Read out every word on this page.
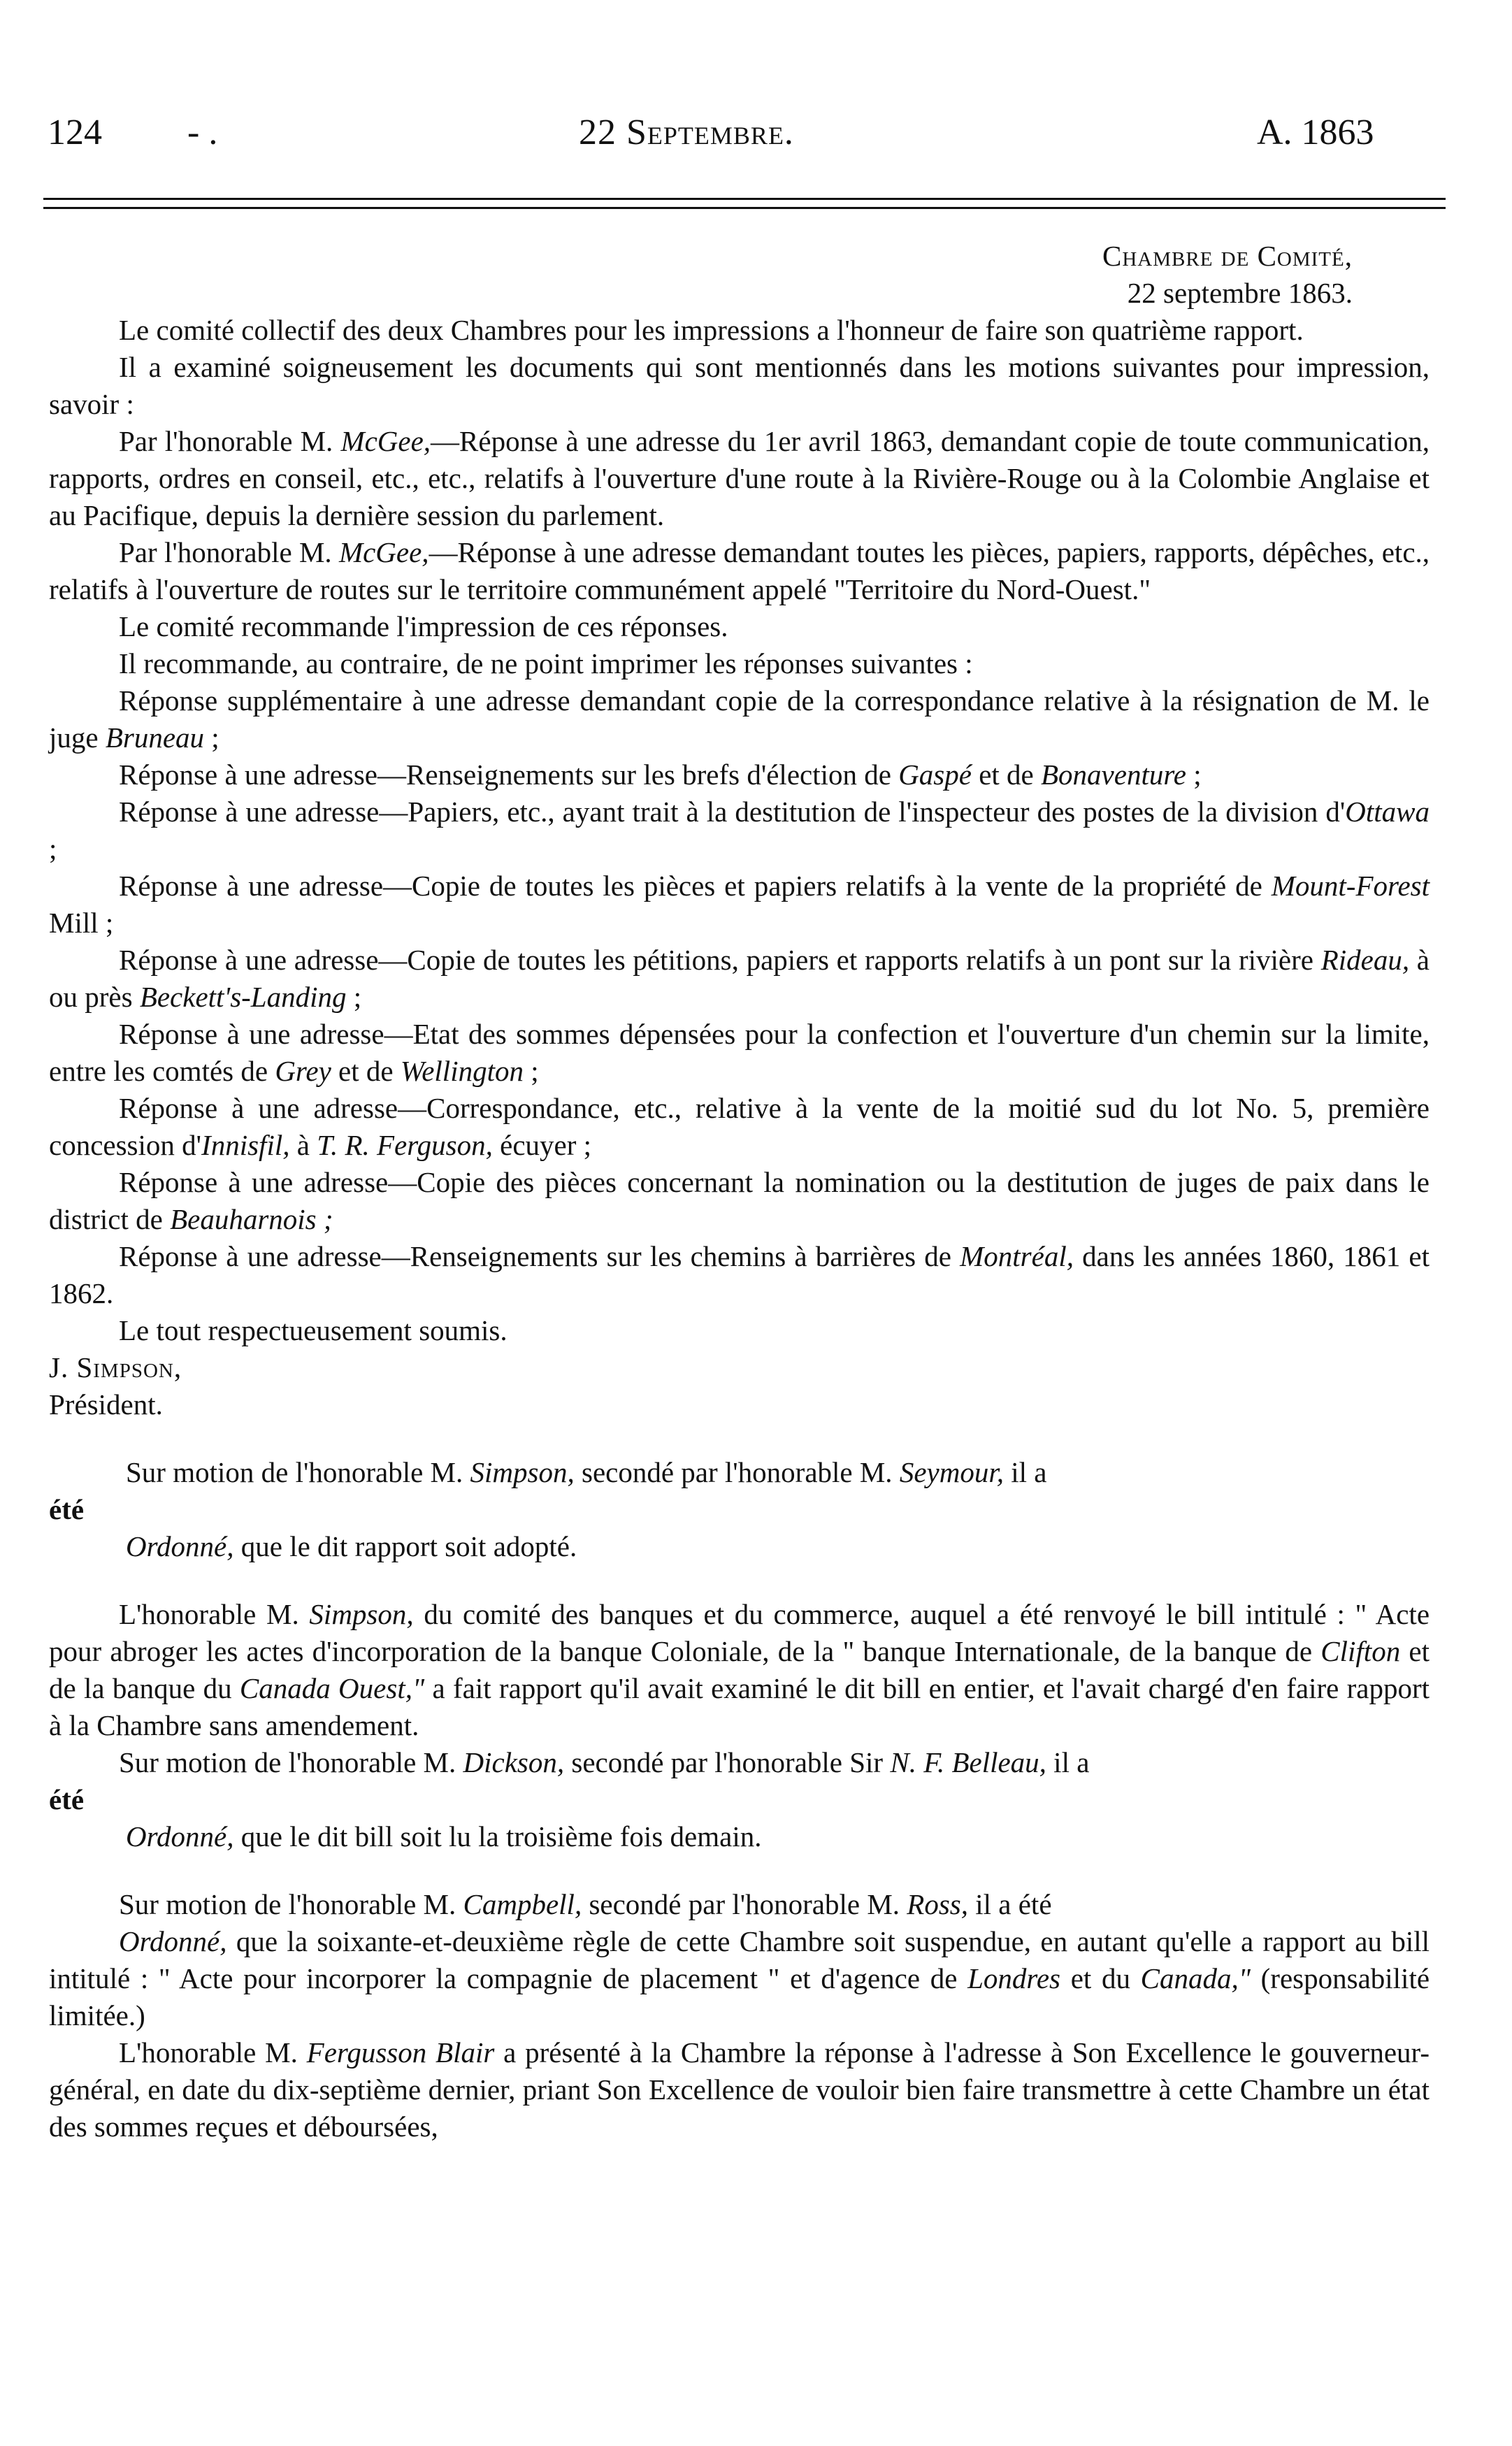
124 - .	22 Septembre.	A. 1863

Chambre de Comité,

22 septembre 1863.

Le comité collectif des deux Chambres pour les impressions a l'honneur de faire son quatrième rapport.

Il a examiné soigneusement les documents qui sont mentionnés dans les motions suivantes pour impression, savoir :

Par l'honorable M. McGee,—Réponse à une adresse du 1er avril 1863, demandant copie de toute communication, rapports, ordres en conseil, etc., etc., relatifs à l'ouverture d'une route à la Rivière-Rouge ou à la Colombie Anglaise et au Pacifique, depuis la dernière session du parlement.

Par l'honorable M. McGee,—Réponse à une adresse demandant toutes les pièces, papiers, rapports, dépêches, etc., relatifs à l'ouverture de routes sur le territoire communément appelé "Territoire du Nord-Ouest."

Le comité recommande l'impression de ces réponses.

Il recommande, au contraire, de ne point imprimer les réponses suivantes :

Réponse supplémentaire à une adresse demandant copie de la correspondance relative à la résignation de M. le juge Bruneau ;

Réponse à une adresse—Renseignements sur les brefs d'élection de Gaspé et de Bonaventure ;

Réponse à une adresse—Papiers, etc., ayant trait à la destitution de l'inspecteur des postes de la division d'Ottawa ;

Réponse à une adresse—Copie de toutes les pièces et papiers relatifs à la vente de la propriété de Mount-Forest Mill ;

Réponse à une adresse—Copie de toutes les pétitions, papiers et rapports relatifs à un pont sur la rivière Rideau, à ou près Beckett's-Landing ;

Réponse à une adresse—Etat des sommes dépensées pour la confection et l'ouverture d'un chemin sur la limite, entre les comtés de Grey et de Wellington ;

Réponse à une adresse—Correspondance, etc., relative à la vente de la moitié sud du lot No. 5, première concession d'Innisfil, à T. R. Ferguson, écuyer ;

Réponse à une adresse—Copie des pièces concernant la nomination ou la destitution de juges de paix dans le district de Beauharnois ;

Réponse à une adresse—Renseignements sur les chemins à barrières de Montréal, dans les années 1860, 1861 et 1862.

Le tout respectueusement soumis.

J. Simpson,

Président.

Sur motion de l'honorable M. Simpson, secondé par l'honorable M. Seymour, il a

été

Ordonné, que le dit rapport soit adopté.

L'honorable M. Simpson, du comité des banques et du commerce, auquel a été renvoyé le bill intitulé : " Acte pour abroger les actes d'incorporation de la banque Coloniale, de la " banque Internationale, de la banque de Clifton et de la banque du Canada Ouest," a fait rapport qu'il avait examiné le dit bill en entier, et l'avait chargé d'en faire rapport à la Chambre sans amendement.

Sur motion de l'honorable M. Dickson, secondé par l'honorable Sir N. F. Belleau, il a

été

Ordonné, que le dit bill soit lu la troisième fois demain.

Sur motion de l'honorable M. Campbell, secondé par l'honorable M. Ross, il a été

Ordonné, que la soixante-et-deuxième règle de cette Chambre soit suspendue, en autant qu'elle a rapport au bill intitulé : " Acte pour incorporer la compagnie de placement " et d'agence de Londres et du Canada," (responsabilité limitée.)

L'honorable M. Fergusson Blair a présenté à la Chambre la réponse à l'adresse à Son Excellence le gouverneur-général, en date du dix-septième dernier, priant Son Excellence de vouloir bien faire transmettre à cette Chambre un état des sommes reçues et déboursées,
